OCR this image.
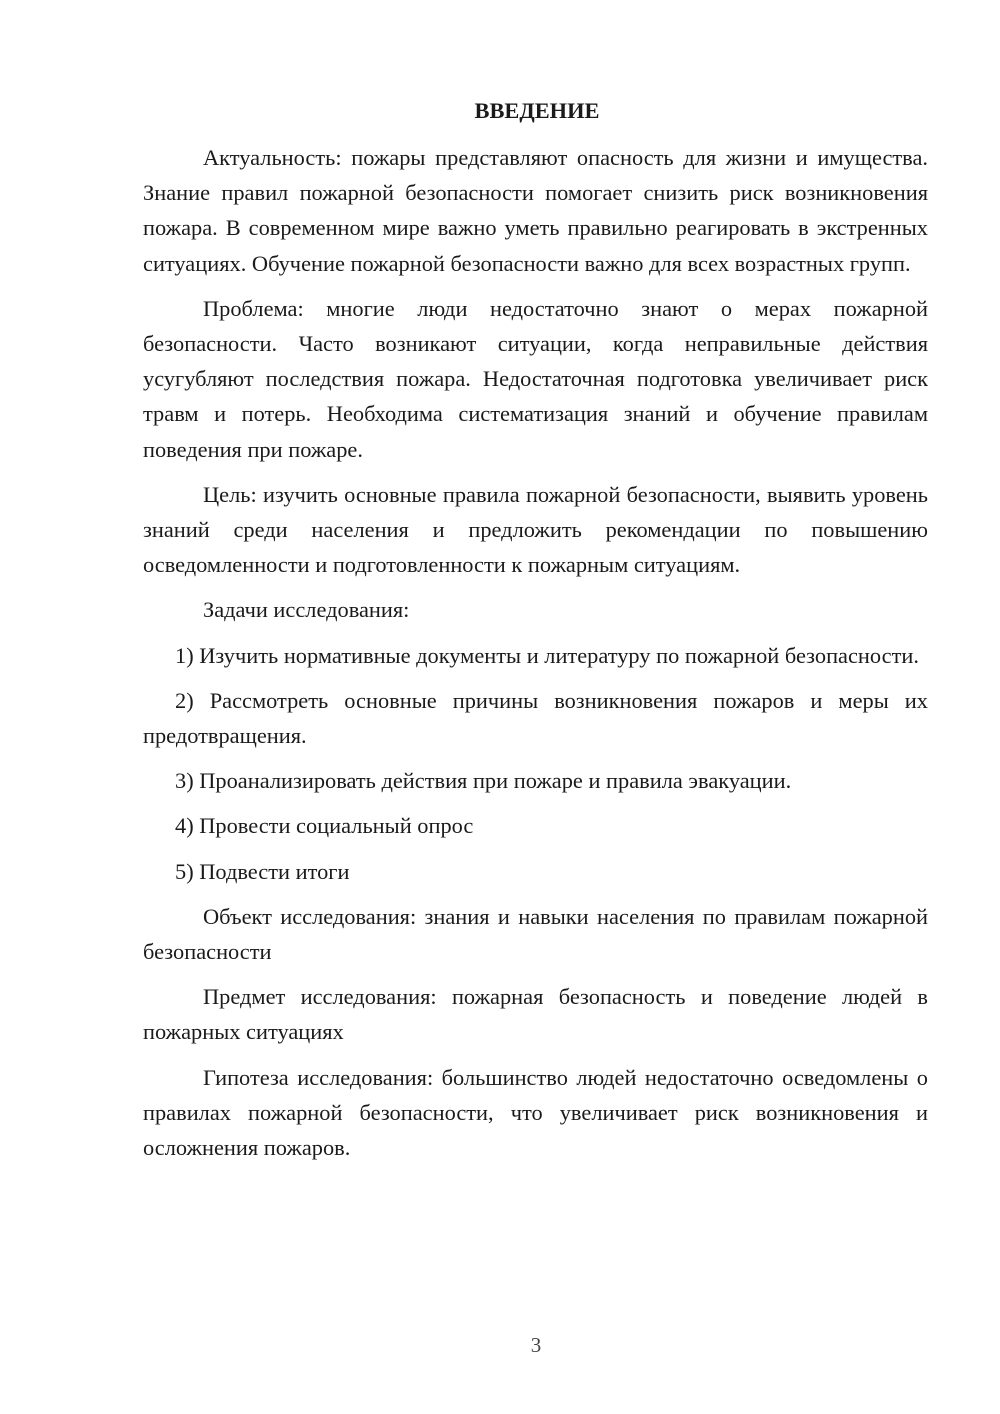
ВВЕДЕНИЕ

Актуальность: пожары представляют опасность для жизни и имущества. Знание правил пожарной безопасности помогает снизить риск возникновения пожара. В современном мире важно уметь правильно реагировать в экстренных ситуациях. Обучение пожарной безопасности важно для всех возрастных групп.

Проблема: многие люди недостаточно знают о мерах пожарной безопасности. Часто возникают ситуации, когда неправильные действия усугубляют последствия пожара. Недостаточная подготовка увеличивает риск травм и потерь. Необходима систематизация знаний и обучение правилам поведения при пожаре.

Цель: изучить основные правила пожарной безопасности, выявить уровень знаний среди населения и предложить рекомендации по повышению осведомленности и подготовленности к пожарным ситуациям.

Задачи исследования:

1) Изучить нормативные документы и литературу по пожарной безопасности.

2) Рассмотреть основные причины возникновения пожаров и меры их предотвращения.

3) Проанализировать действия при пожаре и правила эвакуации.

4) Провести социальный опрос

5) Подвести итоги

Объект исследования: знания и навыки населения по правилам пожарной безопасности

Предмет исследования: пожарная безопасность и поведение людей в пожарных ситуациях

Гипотеза исследования: большинство людей недостаточно осведомлены о правилах пожарной безопасности, что увеличивает риск возникновения и осложнения пожаров.

3
